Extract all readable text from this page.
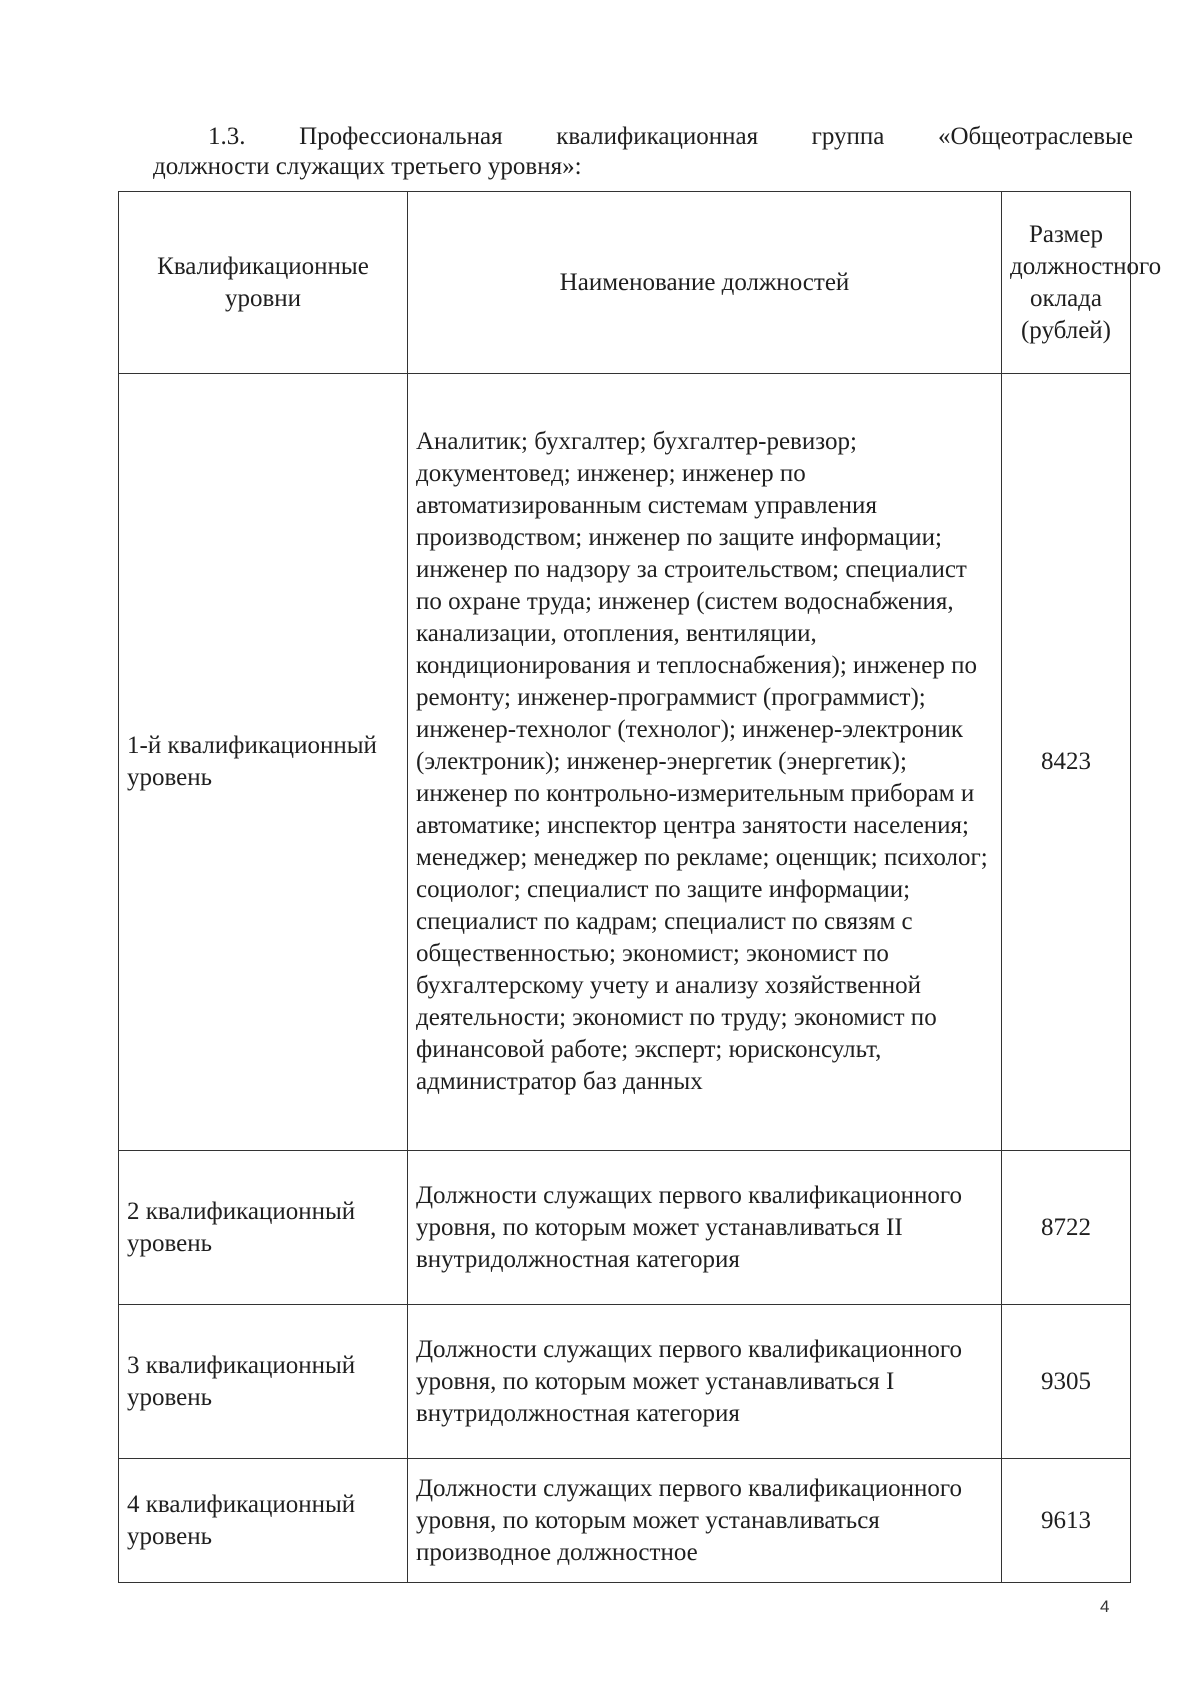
1.3. Профессиональная квалификационная группа «Общеотраслевые
должности служащих третьего уровня»:
Квалификационные уровни	Наименование должностей	Размер должностного оклада (рублей)
1-й квалификационный уровень	Аналитик; бухгалтер; бухгалтер-ревизор; документовед; инженер; инженер по автоматизированным системам управления производством; инженер по защите информации; инженер по надзору за строительством; специалист по охране труда; инженер (систем водоснабжения, канализации, отопления, вентиляции, кондиционирования и теплоснабжения); инженер по ремонту; инженер-программист (программист); инженер-технолог (технолог); инженер-электроник (электроник); инженер-энергетик (энергетик); инженер по контрольно-измерительным приборам и автоматике; инспектор центра занятости населения; менеджер; менеджер по рекламе; оценщик; психолог; социолог; специалист по защите информации; специалист по кадрам; специалист по связям с общественностью; экономист; экономист по бухгалтерскому учету и анализу хозяйственной деятельности; экономист по труду; экономист по финансовой работе; эксперт; юрисконсульт, администратор баз данных	8423
2 квалификационный уровень	Должности служащих первого квалификационного уровня, по которым может устанавливаться II внутридолжностная категория	8722
3 квалификационный уровень	Должности служащих первого квалификационного уровня, по которым может устанавливаться I внутридолжностная категория	9305
4 квалификационный уровень	Должности служащих первого квалификационного уровня, по которым может устанавливаться производное должностное	9613
4
